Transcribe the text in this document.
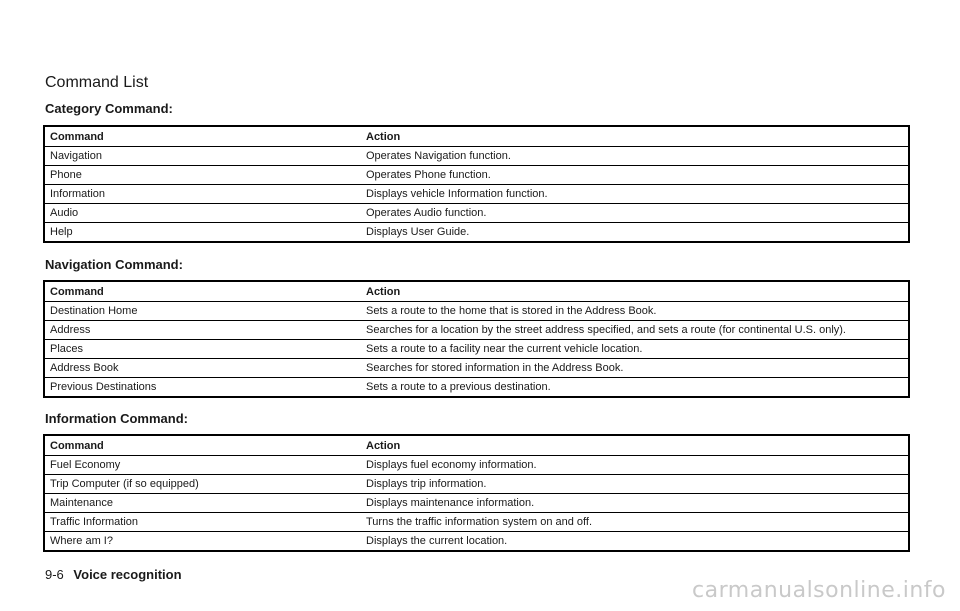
Command List
Category Command:
Command	Action
Navigation	Operates Navigation function.
Phone	Operates Phone function.
Information	Displays vehicle Information function.
Audio	Operates Audio function.
Help	Displays User Guide.
Navigation Command:
Command	Action
Destination Home	Sets a route to the home that is stored in the Address Book.
Address	Searches for a location by the street address specified, and sets a route (for continental U.S. only).
Places	Sets a route to a facility near the current vehicle location.
Address Book	Searches for stored information in the Address Book.
Previous Destinations	Sets a route to a previous destination.
Information Command:
Command	Action
Fuel Economy	Displays fuel economy information.
Trip Computer (if so equipped)	Displays trip information.
Maintenance	Displays maintenance information.
Traffic Information	Turns the traffic information system on and off.
Where am I?	Displays the current location.
9-6 Voice recognition
carmanualsonline.info
